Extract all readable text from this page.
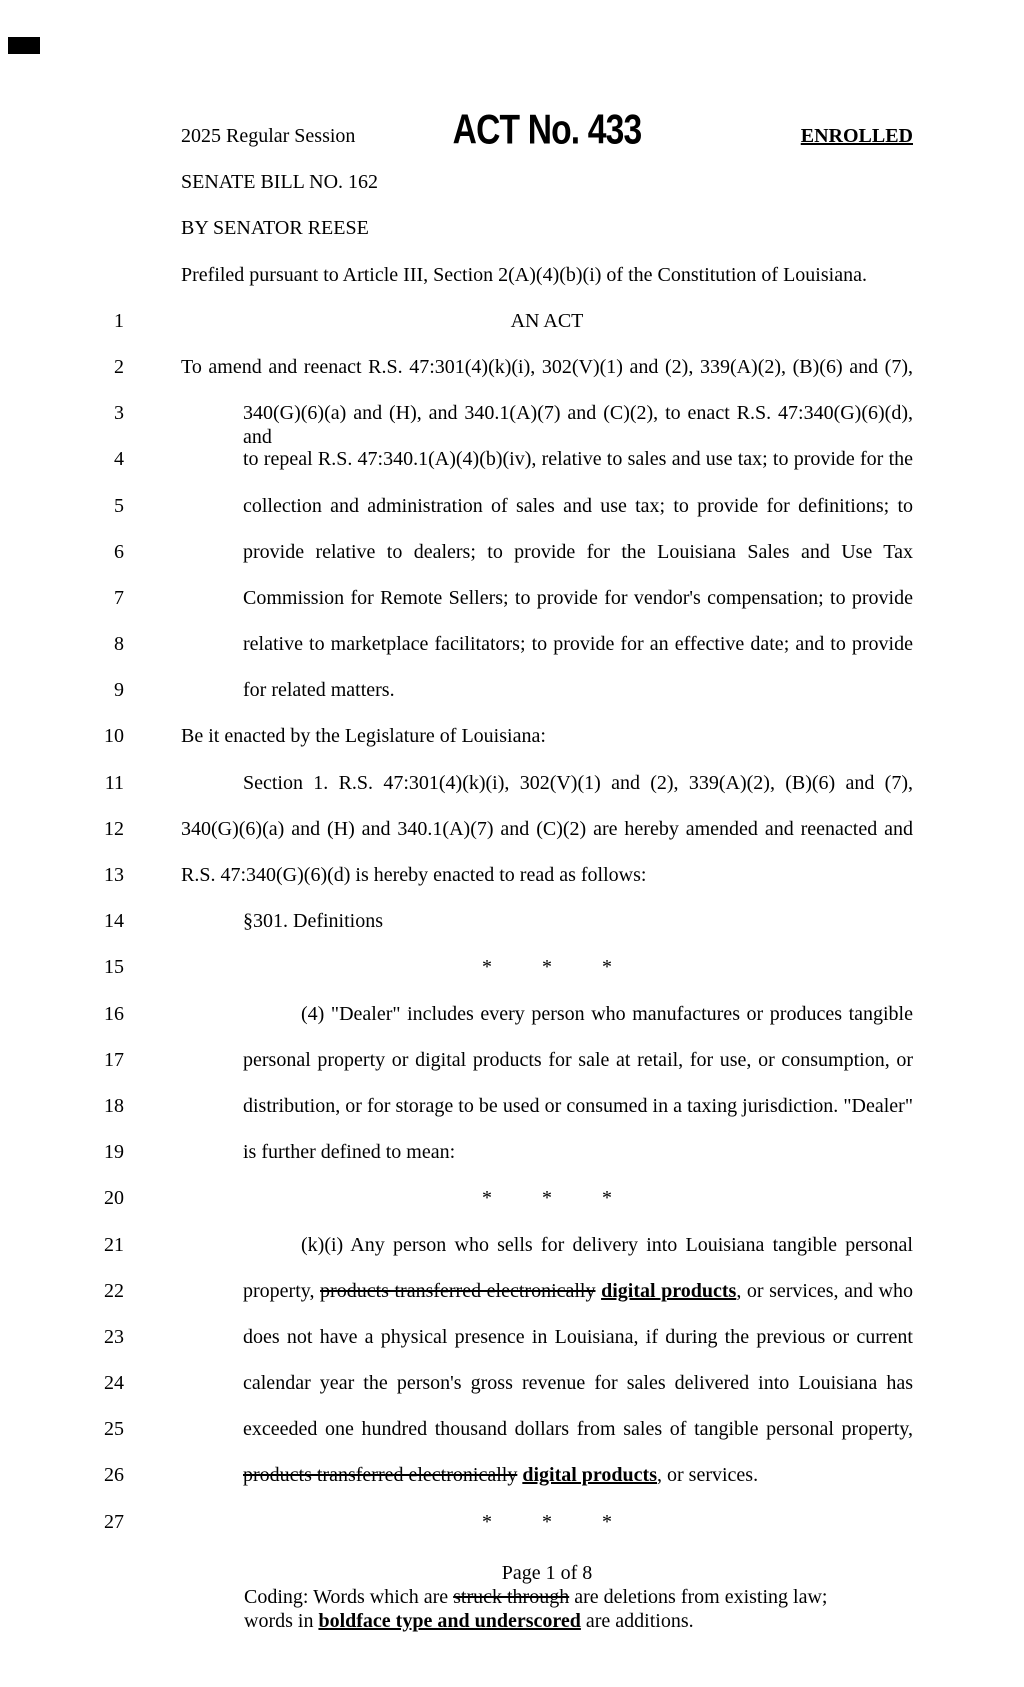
2025 Regular Session ACT No. 433	ENROLLED
SENATE BILL NO. 162
BY SENATOR REESE
Prefiled pursuant to Article III, Section 2(A)(4)(b)(i) of the Constitution of Louisiana.
1	AN ACT
2	To amend and reenact R.S. 47:301(4)(k)(i), 302(V)(1) and (2), 339(A)(2), (B)(6) and (7),
3	340(G)(6)(a) and (H), and 340.1(A)(7) and (C)(2), to enact R.S. 47:340(G)(6)(d), and
4	to repeal R.S. 47:340.1(A)(4)(b)(iv), relative to sales and use tax; to provide for the
5	collection and administration of sales and use tax; to provide for definitions; to
6	provide relative to dealers; to provide for the Louisiana Sales and Use Tax
7	Commission for Remote Sellers; to provide for vendor's compensation; to provide
8	relative to marketplace facilitators; to provide for an effective date; and to provide
9	for related matters.
10	Be it enacted by the Legislature of Louisiana:
11	Section 1. R.S. 47:301(4)(k)(i), 302(V)(1) and (2), 339(A)(2), (B)(6) and (7),
12	340(G)(6)(a) and (H) and 340.1(A)(7) and (C)(2) are hereby amended and reenacted and
13	R.S. 47:340(G)(6)(d) is hereby enacted to read as follows:
14	§301. Definitions
15	* * *
16	(4) "Dealer" includes every person who manufactures or produces tangible
17	personal property or digital products for sale at retail, for use, or consumption, or
18	distribution, or for storage to be used or consumed in a taxing jurisdiction. "Dealer"
19	is further defined to mean:
20	* * *
21	(k)(i) Any person who sells for delivery into Louisiana tangible personal
22	property, products transferred electronically digital products, or services, and who
23	does not have a physical presence in Louisiana, if during the previous or current
24	calendar year the person's gross revenue for sales delivered into Louisiana has
25	exceeded one hundred thousand dollars from sales of tangible personal property,
26	products transferred electronically digital products, or services.
27	* * *
Page 1 of 8
Coding: Words which are struck through are deletions from existing law;
words in boldface type and underscored are additions.
